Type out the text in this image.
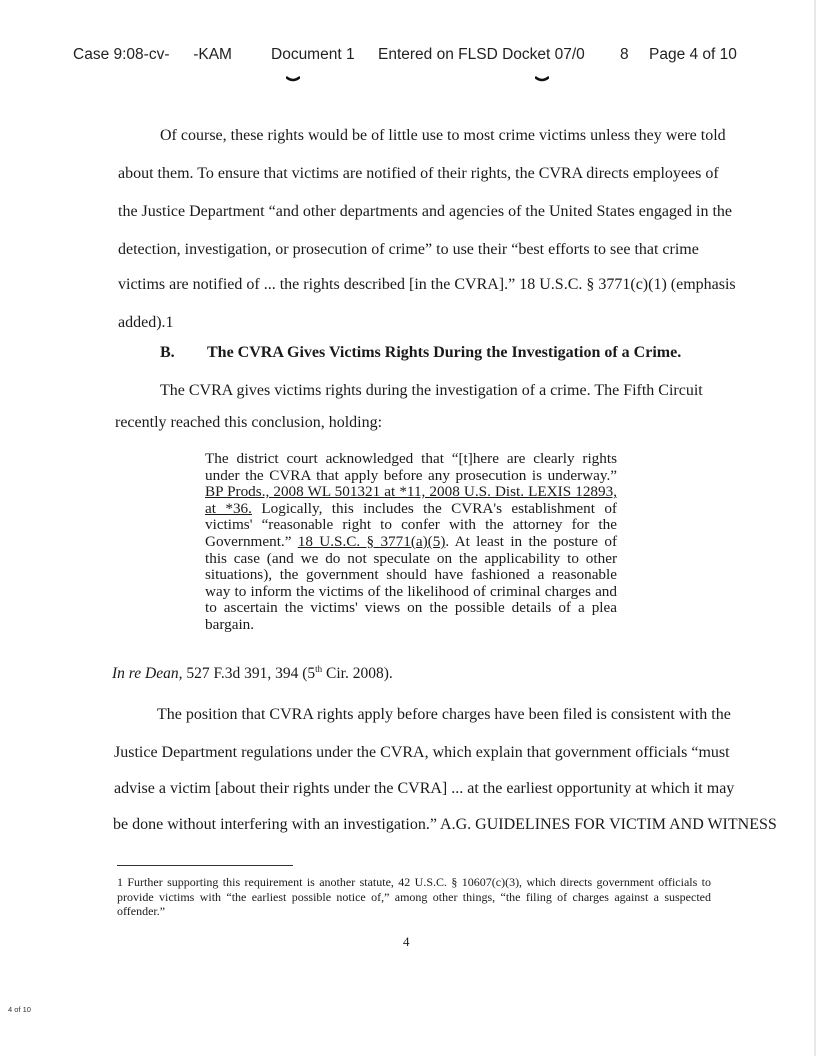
Case 9:08-cv-    -KAM	Document 1 Entered on FLSD Docket 07/0 8 Page 4 of 10
Of course, these rights would be of little use to most crime victims unless they were told
about them. To ensure that victims are notified of their rights, the CVRA directs employees of
the Justice Department “and other departments and agencies of the United States engaged in the
detection, investigation, or prosecution of crime” to use their “best efforts to see that crime
victims are notified of ... the rights described [in the CVRA].” 18 U.S.C. § 3771(c)(1) (emphasis
added).1
B. The CVRA Gives Victims Rights During the Investigation of a Crime.
The CVRA gives victims rights during the investigation of a crime. The Fifth Circuit
recently reached this conclusion, holding:

The district court acknowledged that “[t]here are clearly rights under the CVRA that apply before any prosecution is underway.” BP Prods., 2008 WL 501321 at *11, 2008 U.S. Dist. LEXIS 12893, at *36. Logically, this includes the CVRA's establishment of victims' “reasonable right to confer with the attorney for the Government.” 18 U.S.C. § 3771(a)(5). At least in the posture of this case (and we do not speculate on the applicability to other situations), the government should have fashioned a reasonable way to inform the victims of the likelihood of criminal charges and to ascertain the victims' views on the possible details of a plea bargain.

In re Dean, 527 F.3d 391, 394 (5th Cir. 2008).
The position that CVRA rights apply before charges have been filed is consistent with the
Justice Department regulations under the CVRA, which explain that government officials “must
advise a victim [about their rights under the CVRA] ... at the earliest opportunity at which it may
be done without interfering with an investigation.” A.G. GUIDELINES FOR VICTIM AND WITNESS
1 Further supporting this requirement is another statute, 42 U.S.C. § 10607(c)(3), which directs government officials to provide victims with “the earliest possible notice of,” among other things, “the filing of charges against a suspected offender.”
4
4 of 10
